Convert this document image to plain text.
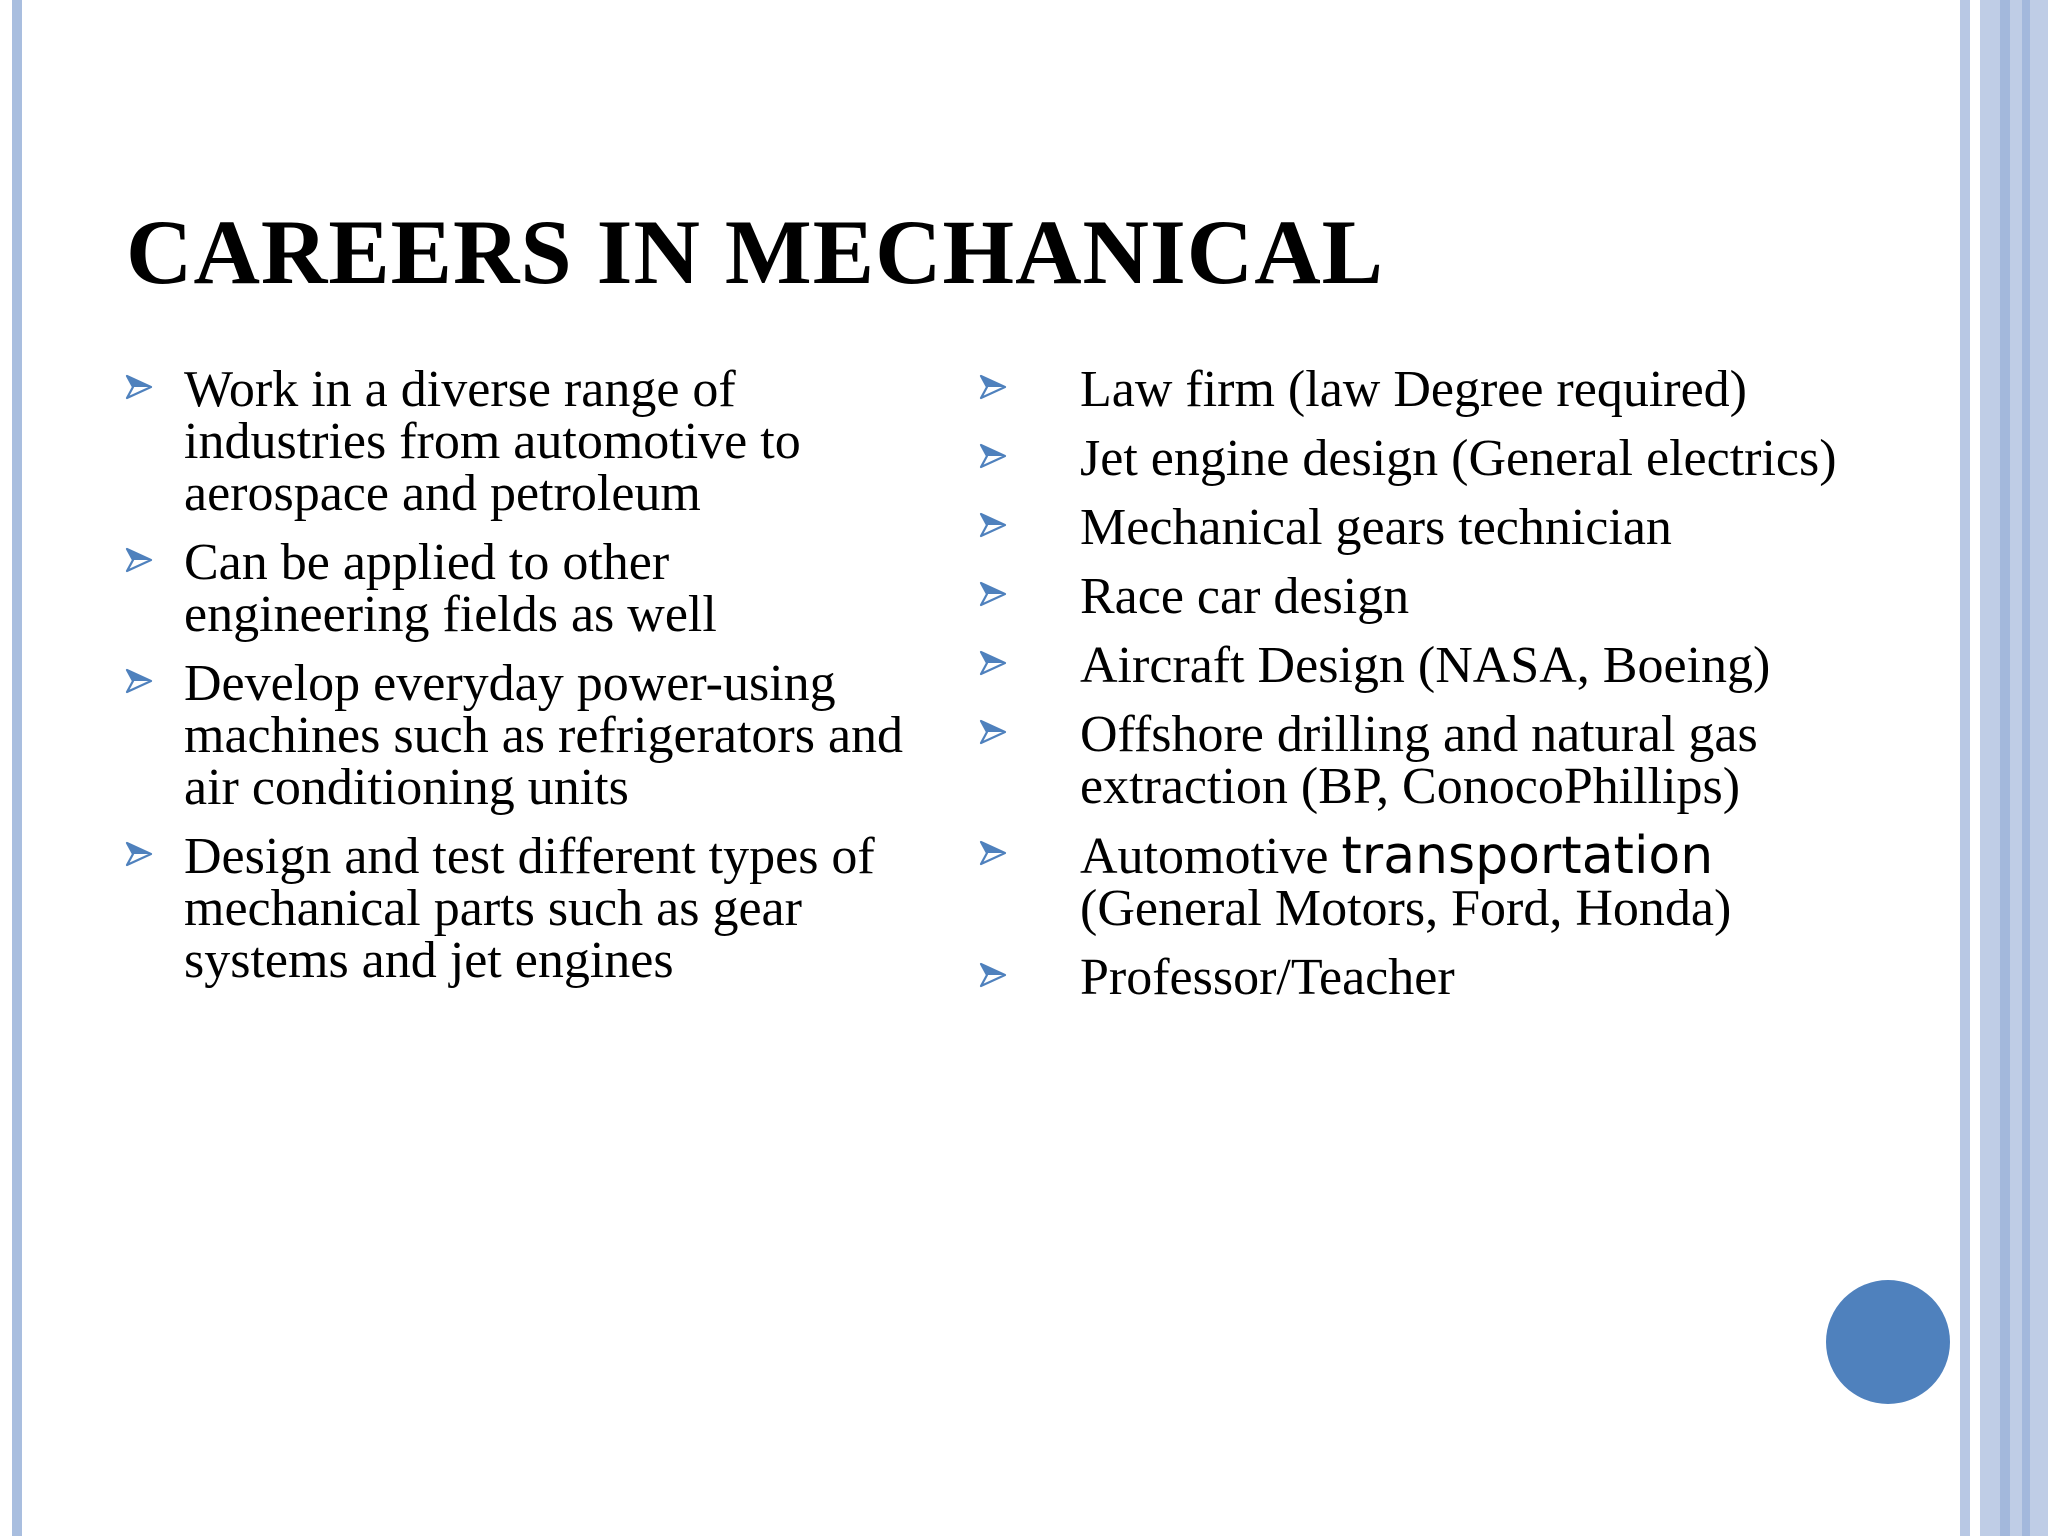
CAREERS IN MECHANICAL
Work in a diverse range of industries from automotive to aerospace and petroleum
Can be applied to other engineering fields as well
Develop everyday power-using machines such as refrigerators and air conditioning units
Design and test different types of mechanical parts such as gear systems and jet engines
Law firm (law Degree required)
Jet engine design (General electrics)
Mechanical gears technician
Race car design
Aircraft Design (NASA, Boeing)
Offshore drilling and natural gas extraction (BP, ConocoPhillips)
Automotive transportation (General Motors, Ford, Honda)
Professor/Teacher
